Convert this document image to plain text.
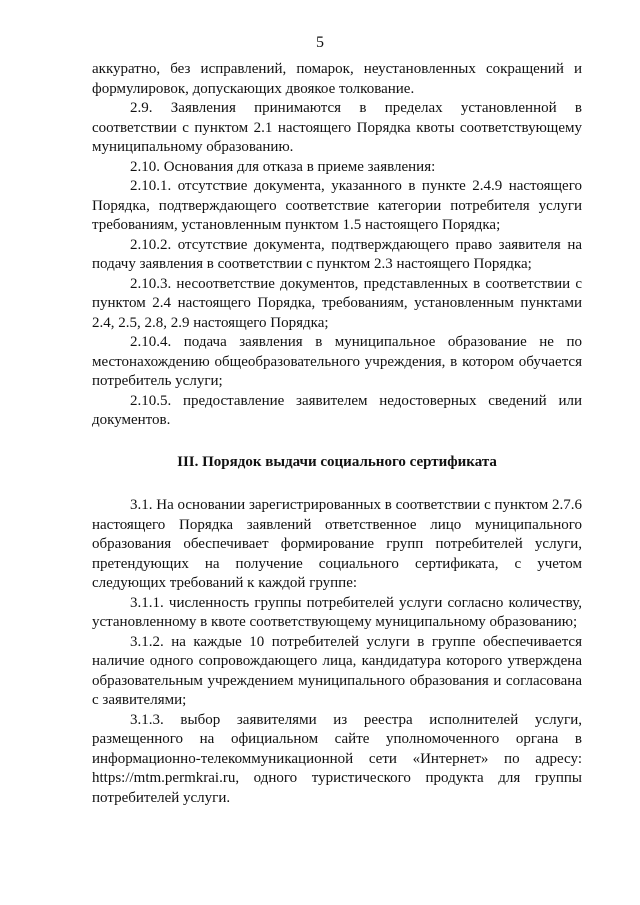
5

аккуратно, без исправлений, помарок, неустановленных сокращений и формулировок, допускающих двоякое толкование.

2.9. Заявления принимаются в пределах установленной в соответствии с пунктом 2.1 настоящего Порядка квоты соответствующему муниципальному образованию.

2.10. Основания для отказа в приеме заявления:

2.10.1. отсутствие документа, указанного в пункте 2.4.9 настоящего Порядка, подтверждающего соответствие категории потребителя услуги требованиям, установленным пунктом 1.5 настоящего Порядка;

2.10.2. отсутствие документа, подтверждающего право заявителя на подачу заявления в соответствии с пунктом 2.3 настоящего Порядка;

2.10.3. несоответствие документов, представленных в соответствии с пунктом 2.4 настоящего Порядка, требованиям, установленным пунктами 2.4, 2.5, 2.8, 2.9 настоящего Порядка;

2.10.4. подача заявления в муниципальное образование не по местонахождению общеобразовательного учреждения, в котором обучается потребитель услуги;

2.10.5. предоставление заявителем недостоверных сведений или документов.

III. Порядок выдачи социального сертификата

3.1. На основании зарегистрированных в соответствии с пунктом 2.7.6 настоящего Порядка заявлений ответственное лицо муниципального образования обеспечивает формирование групп потребителей услуги, претендующих на получение социального сертификата, с учетом следующих требований к каждой группе:

3.1.1. численность группы потребителей услуги согласно количеству, установленному в квоте соответствующему муниципальному образованию;

3.1.2. на каждые 10 потребителей услуги в группе обеспечивается наличие одного сопровождающего лица, кандидатура которого утверждена образовательным учреждением муниципального образования и согласована с заявителями;

3.1.3. выбор заявителями из реестра исполнителей услуги, размещенного на официальном сайте уполномоченного органа в информационно-телекоммуникационной сети «Интернет» по адресу: https://mtm.permkrai.ru, одного туристического продукта для группы потребителей услуги.
